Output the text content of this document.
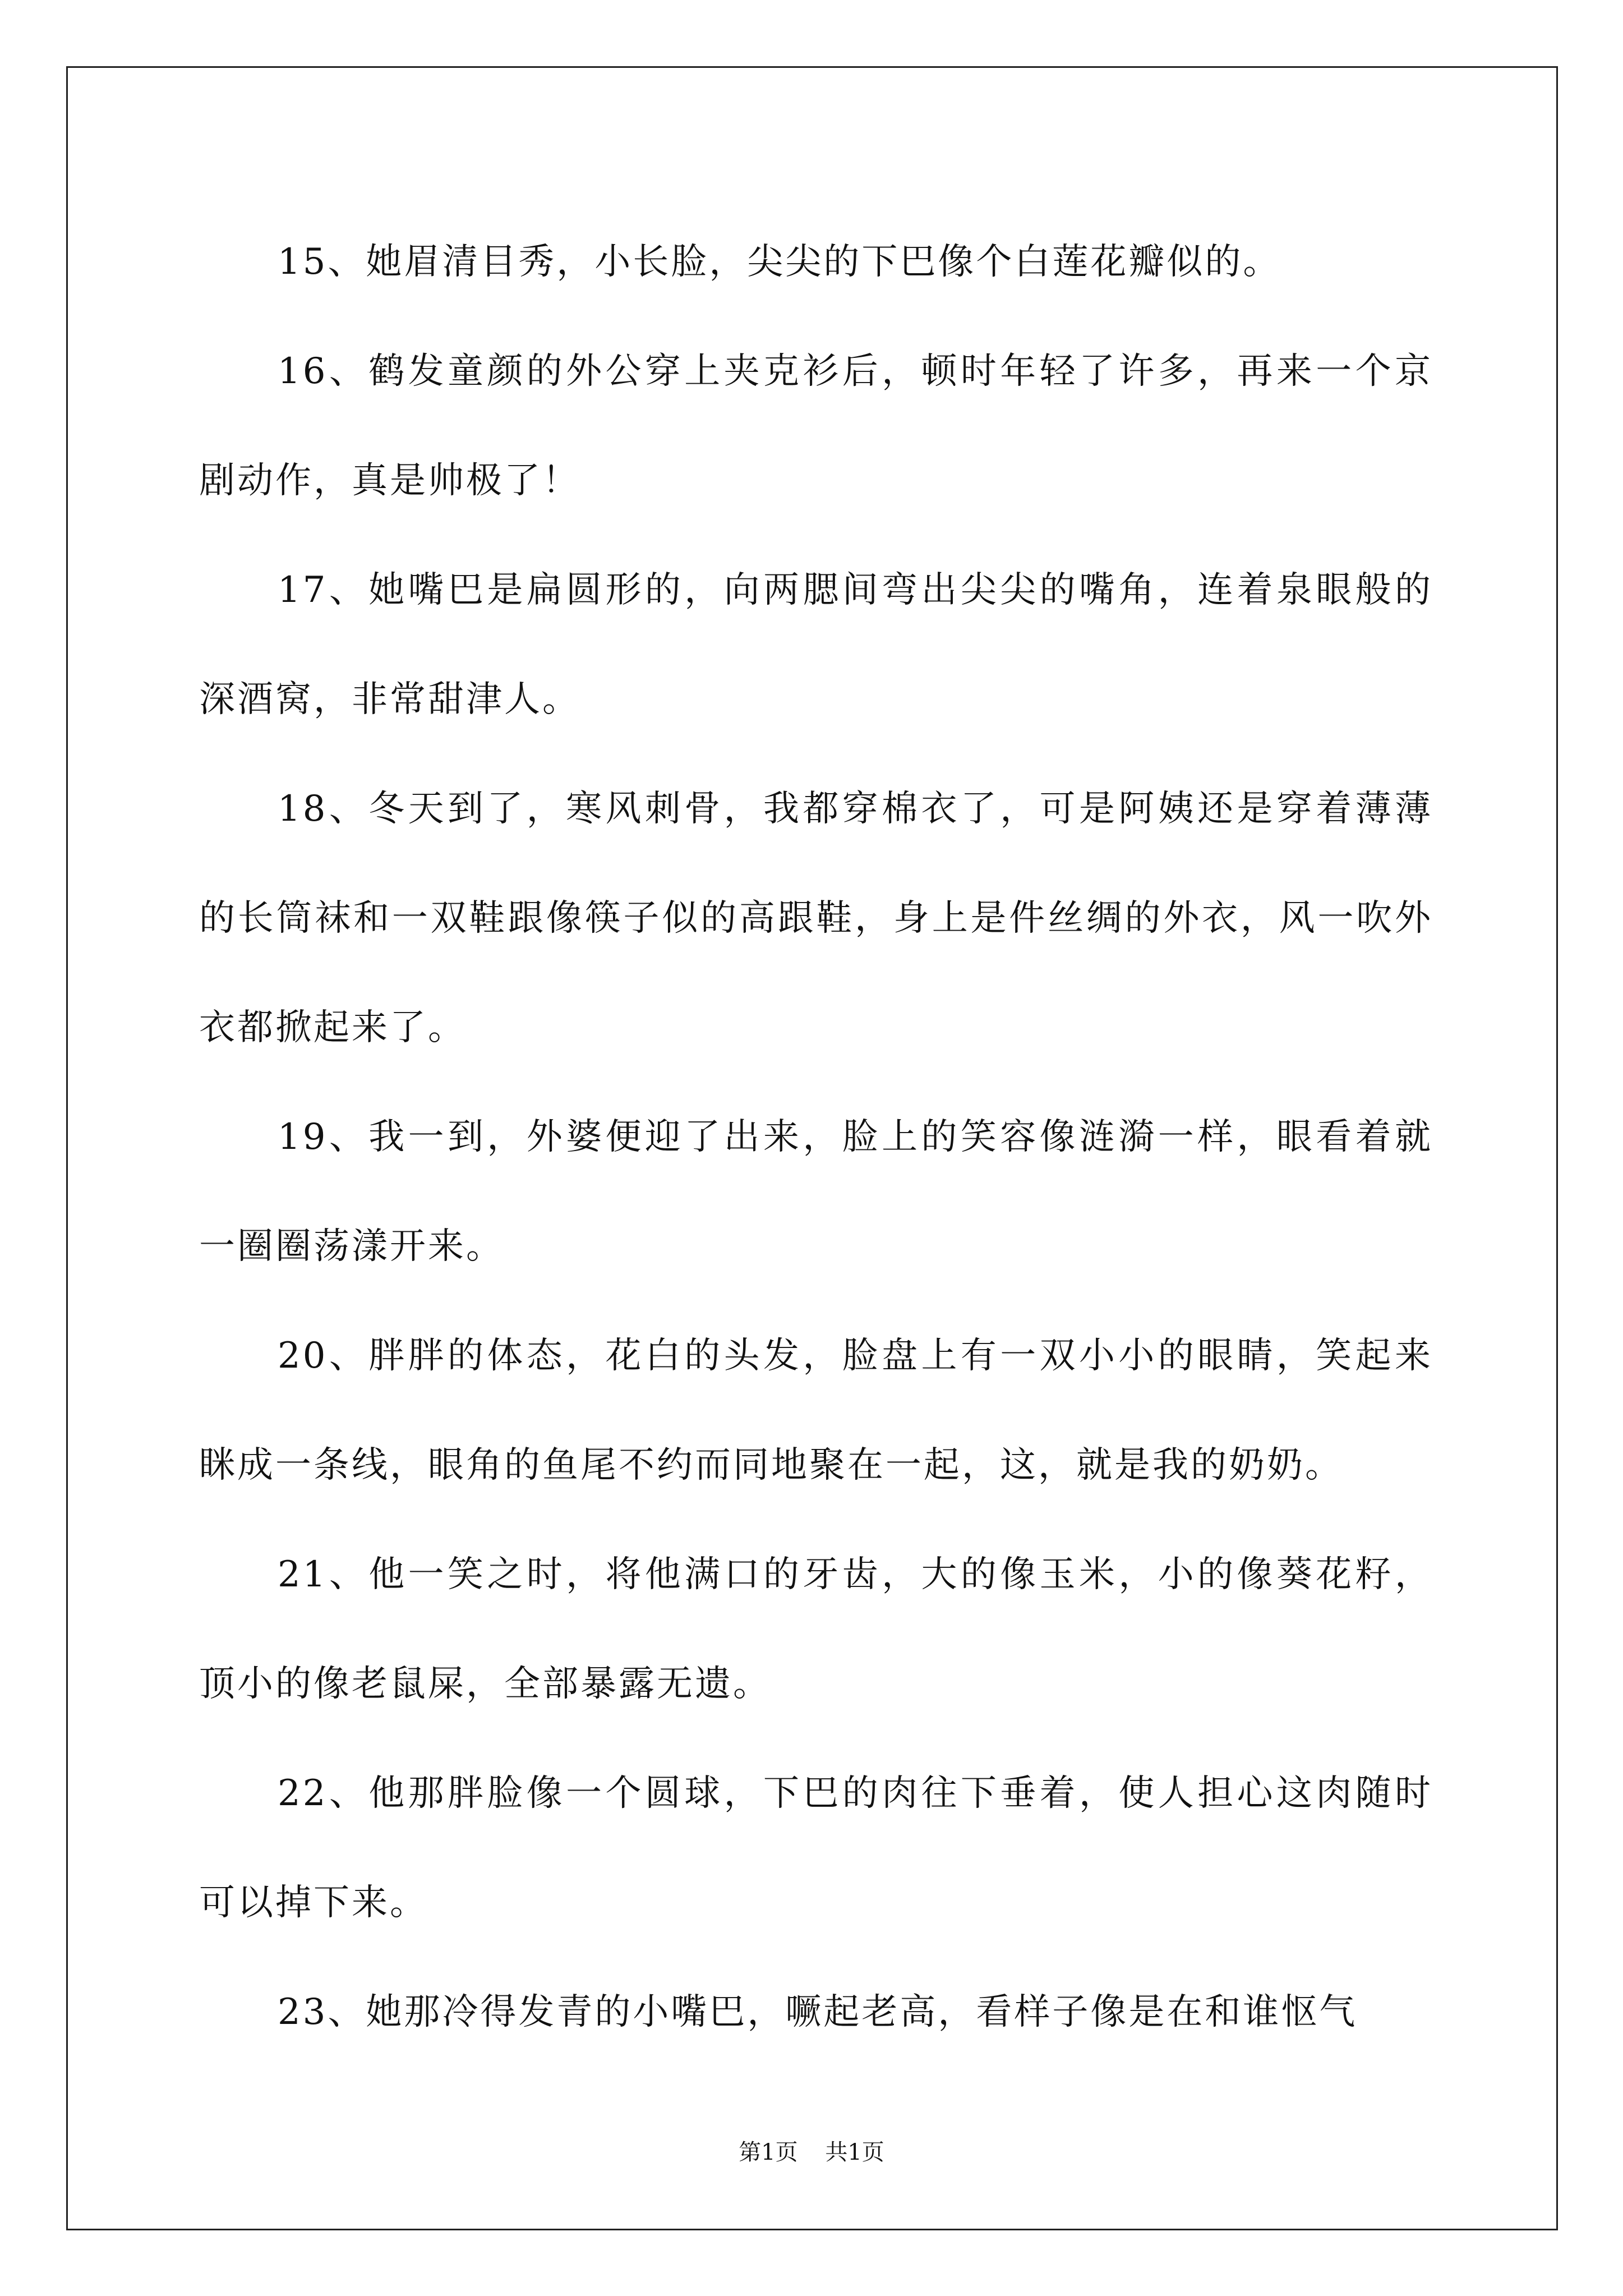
15、她眉清目秀，小长脸，尖尖的下巴像个白莲花瓣似的。

16、鹤发童颜的外公穿上夹克衫后，顿时年轻了许多，再来一个京剧动作，真是帅极了！

17、她嘴巴是扁圆形的，向两腮间弯出尖尖的嘴角，连着泉眼般的深酒窝，非常甜津人。

18、冬天到了，寒风刺骨，我都穿棉衣了，可是阿姨还是穿着薄薄的长筒袜和一双鞋跟像筷子似的高跟鞋，身上是件丝绸的外衣，风一吹外衣都掀起来了。

19、我一到，外婆便迎了出来，脸上的笑容像涟漪一样，眼看着就一圈圈荡漾开来。

20、胖胖的体态，花白的头发，脸盘上有一双小小的眼睛，笑起来眯成一条线，眼角的鱼尾不约而同地聚在一起，这，就是我的奶奶。

21、他一笑之时，将他满口的牙齿，大的像玉米，小的像葵花籽，顶小的像老鼠屎，全部暴露无遗。

22、他那胖脸像一个圆球，下巴的肉往下垂着，使人担心这肉随时可以掉下来。

23、她那冷得发青的小嘴巴，噘起老高，看样子像是在和谁怄气

第1页 共1页
